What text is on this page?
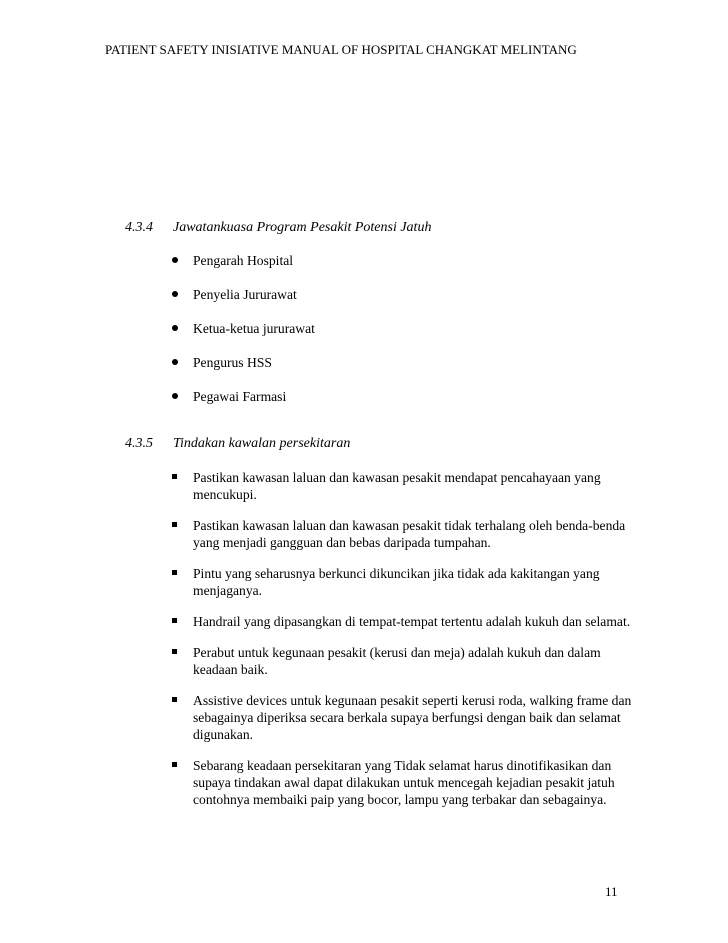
PATIENT SAFETY INISIATIVE MANUAL OF HOSPITAL CHANGKAT MELINTANG
4.3.4 Jawatankuasa Program Pesakit Potensi Jatuh
Pengarah Hospital
Penyelia Jururawat
Ketua-ketua jururawat
Pengurus HSS
Pegawai Farmasi
4.3.5 Tindakan kawalan persekitaran
Pastikan kawasan laluan dan kawasan pesakit mendapat pencahayaan yang mencukupi.
Pastikan kawasan laluan dan kawasan pesakit tidak terhalang oleh benda-benda yang menjadi gangguan dan bebas daripada tumpahan.
Pintu yang seharusnya berkunci dikuncikan jika tidak ada kakitangan yang menjaganya.
Handrail yang dipasangkan di tempat-tempat tertentu adalah kukuh dan selamat.
Perabut untuk kegunaan pesakit (kerusi dan meja) adalah kukuh dan dalam keadaan baik.
Assistive devices untuk kegunaan pesakit seperti kerusi roda, walking frame dan sebagainya diperiksa secara berkala supaya berfungsi dengan baik dan selamat digunakan.
Sebarang keadaan persekitaran yang Tidak selamat harus dinotifikasikan dan supaya tindakan awal dapat dilakukan untuk mencegah kejadian pesakit jatuh contohnya membaiki paip yang bocor, lampu yang terbakar dan sebagainya.
11
